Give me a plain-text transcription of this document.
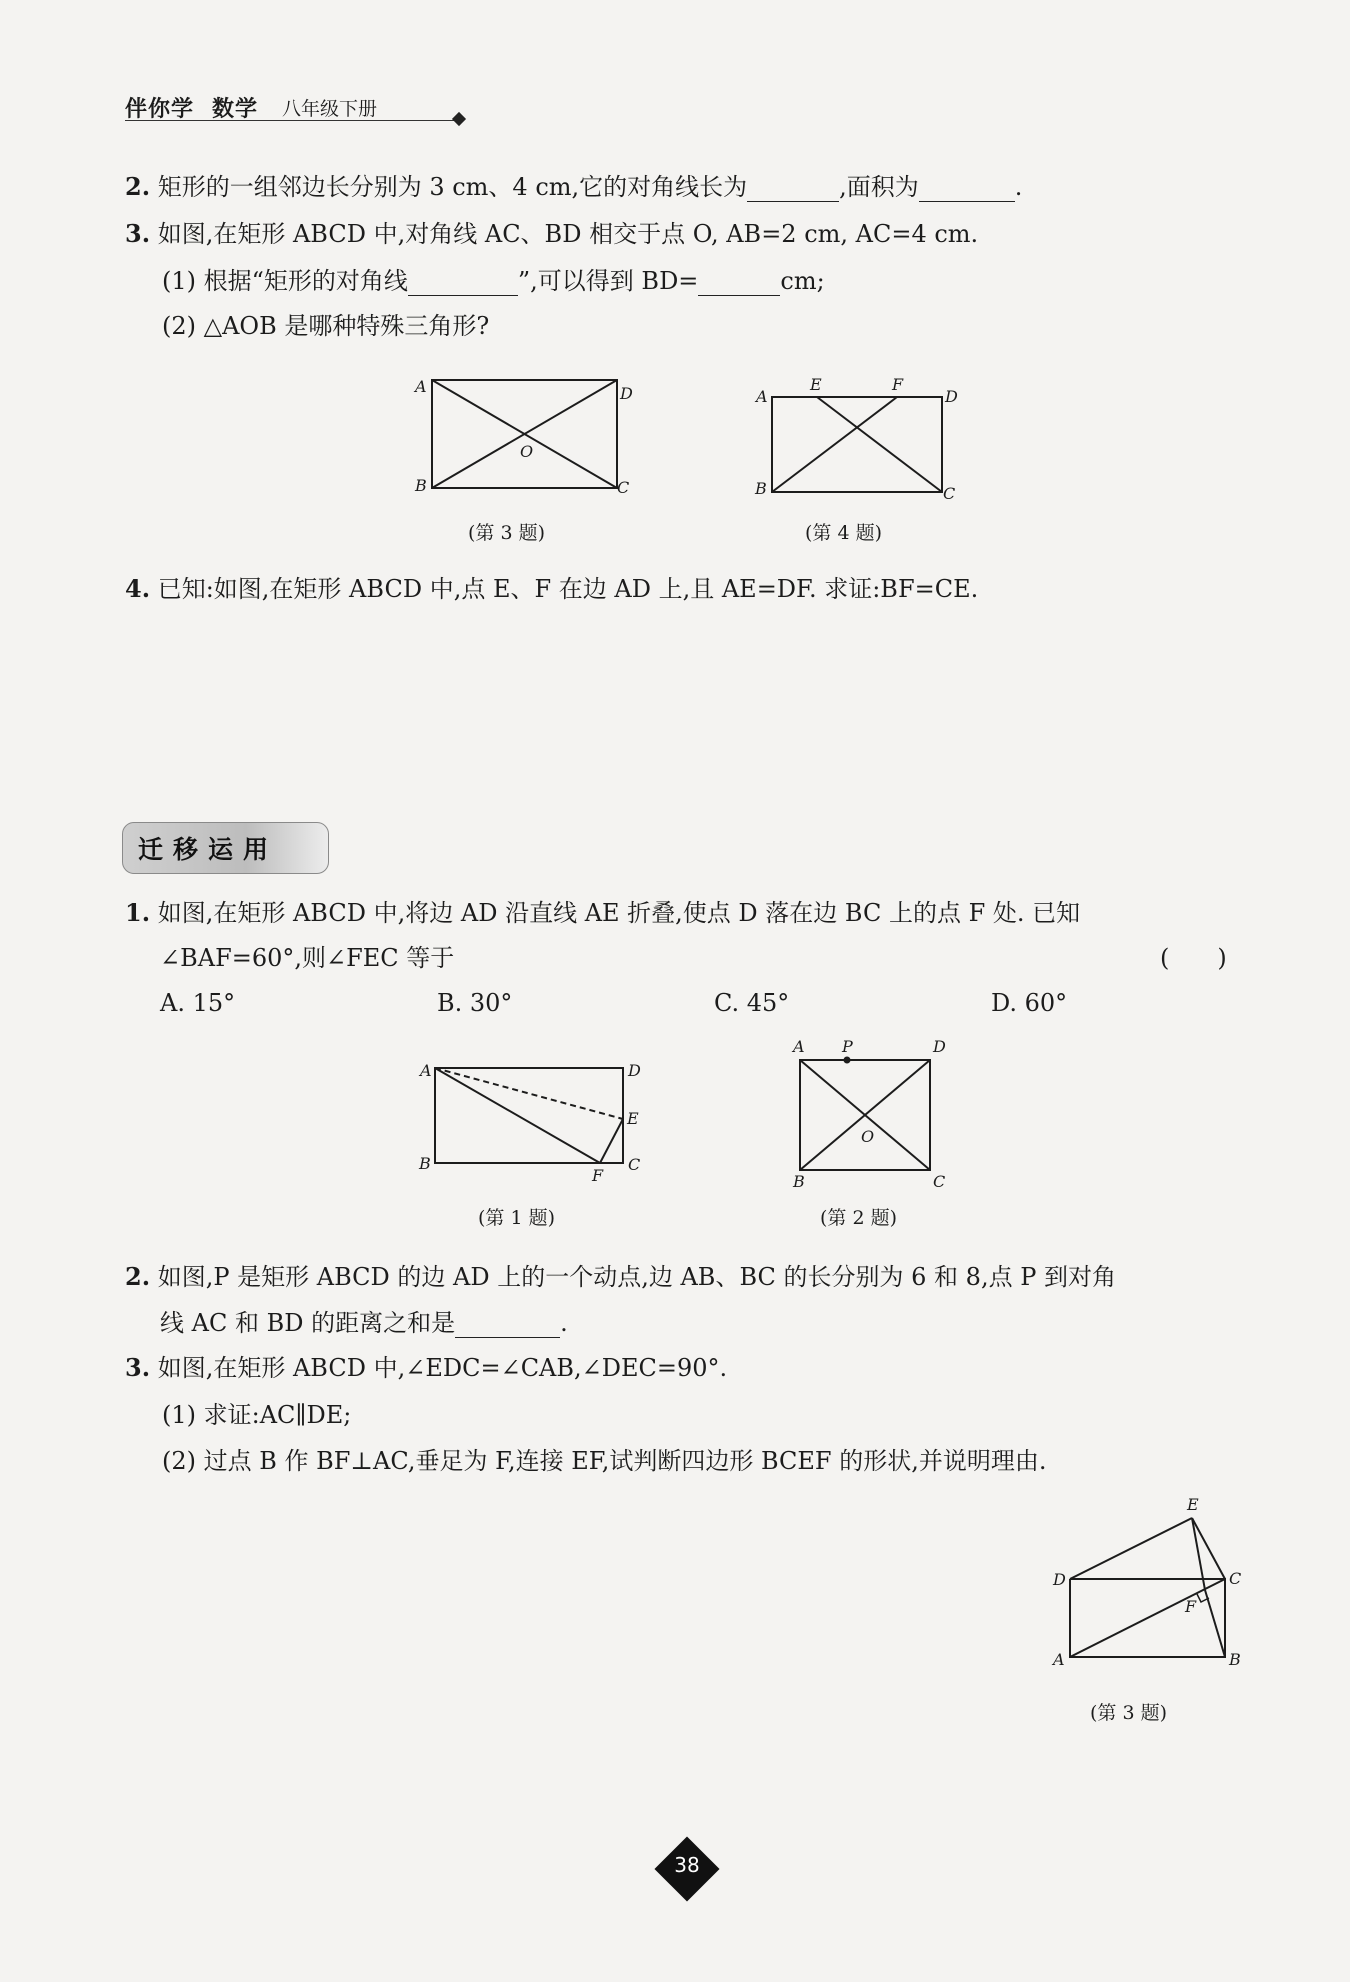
伴你学 数学 八年级下册
2. 矩形的一组邻边长分别为 3 cm、4 cm,它的对角线长为	,面积为	.
3. 如图,在矩形 ABCD 中,对角线 AC、BD 相交于点 O, AB=2 cm, AC=4 cm.
(1) 根据“矩形的对角线	”,可以得到 BD=	cm;
(2) △AOB 是哪种特殊三角形?
A	D
B	C
O
(第 3 题)
A
E	F
D
B	C
(第 4 题)
4. 已知:如图,在矩形 ABCD 中,点 E、F 在边 AD 上,且 AE=DF. 求证:BF=CE.
迁移运用
1. 如图,在矩形 ABCD 中,将边 AD 沿直线 AE 折叠,使点 D 落在边 BC 上的点 F 处. 已知
∠BAF=60°,则∠FEC 等于	(　　)
A. 15°	B. 30°	C. 45°	D. 60°
A	D
E
B
F
C
(第 1 题)
A P	D
O
B	C
(第 2 题)
2. 如图,P 是矩形 ABCD 的边 AD 上的一个动点,边 AB、BC 的长分别为 6 和 8,点 P 到对角
线 AC 和 BD 的距离之和是	.
3. 如图,在矩形 ABCD 中,∠EDC=∠CAB,∠DEC=90°.
(1) 求证:AC∥DE;
(2) 过点 B 作 BF⊥AC,垂足为 F,连接 EF,试判断四边形 BCEF 的形状,并说明理由.
E
D	C
F
A	B
(第 3 题)
38
